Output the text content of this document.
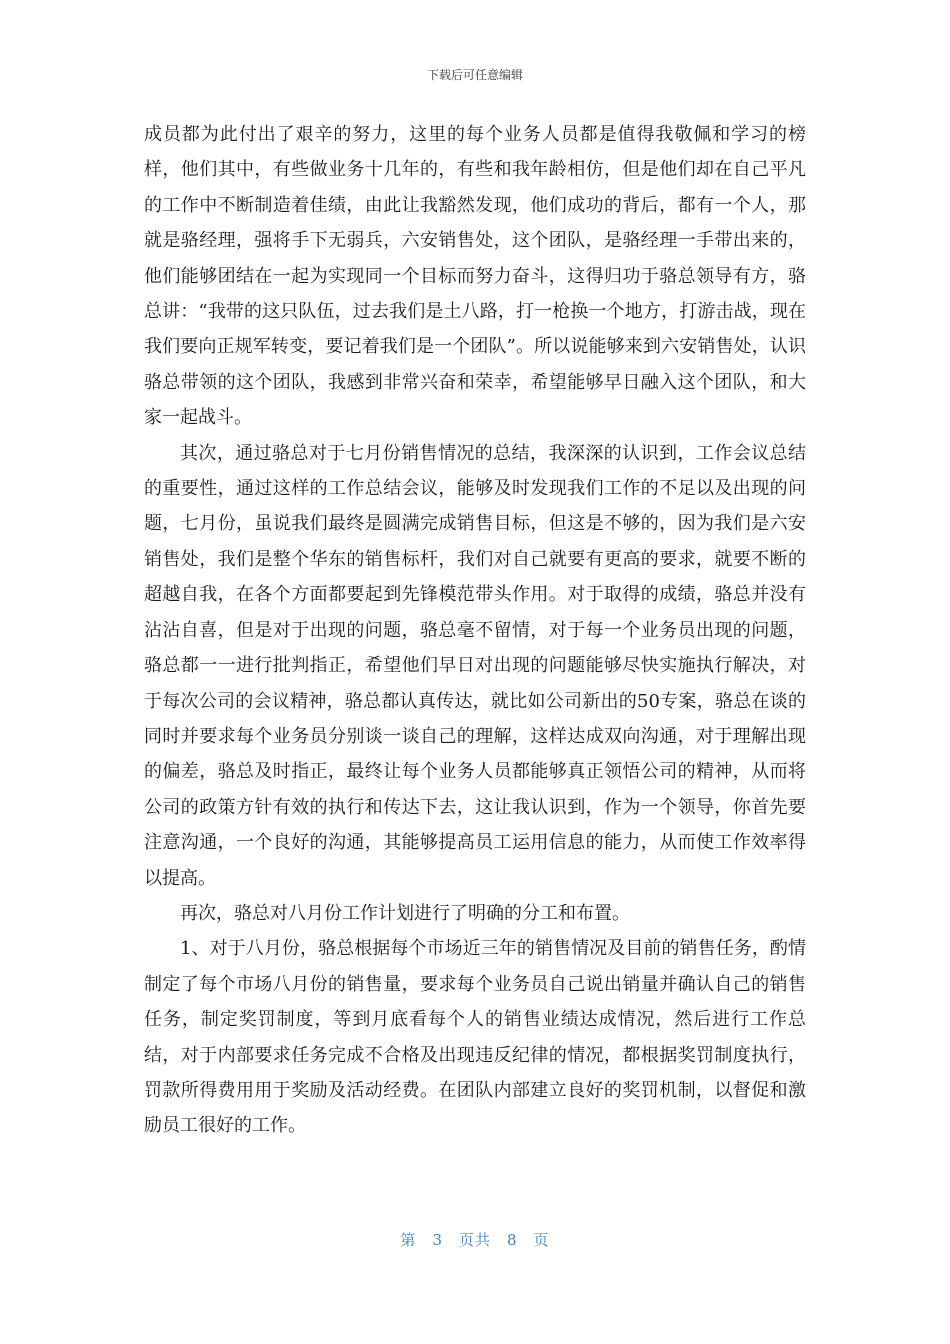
下载后可任意编辑

成员都为此付出了艰辛的努力，这里的每个业务人员都是值得我敬佩和学习的榜样，他们其中，有些做业务十几年的，有些和我年龄相仿，但是他们却在自己平凡的工作中不断制造着佳绩，由此让我豁然发现，他们成功的背后，都有一个人，那就是骆经理，强将手下无弱兵，六安销售处，这个团队，是骆经理一手带出来的，他们能够团结在一起为实现同一个目标而努力奋斗，这得归功于骆总领导有方，骆总讲：“我带的这只队伍，过去我们是土八路，打一枪换一个地方，打游击战，现在我们要向正规军转变，要记着我们是一个团队”。所以说能够来到六安销售处，认识骆总带领的这个团队，我感到非常兴奋和荣幸，希望能够早日融入这个团队，和大家一起战斗。

其次，通过骆总对于七月份销售情况的总结，我深深的认识到，工作会议总结的重要性，通过这样的工作总结会议，能够及时发现我们工作的不足以及出现的问题，七月份，虽说我们最终是圆满完成销售目标，但这是不够的，因为我们是六安销售处，我们是整个华东的销售标杆，我们对自己就要有更高的要求，就要不断的超越自我，在各个方面都要起到先锋模范带头作用。对于取得的成绩，骆总并没有沾沾自喜，但是对于出现的问题，骆总毫不留情，对于每一个业务员出现的问题，骆总都一一进行批判指正，希望他们早日对出现的问题能够尽快实施执行解决，对于每次公司的会议精神，骆总都认真传达，就比如公司新出的50专案，骆总在谈的同时并要求每个业务员分别谈一谈自己的理解，这样达成双向沟通，对于理解出现的偏差，骆总及时指正，最终让每个业务人员都能够真正领悟公司的精神，从而将公司的政策方针有效的执行和传达下去，这让我认识到，作为一个领导，你首先要注意沟通，一个良好的沟通，其能够提高员工运用信息的能力，从而使工作效率得以提高。

再次，骆总对八月份工作计划进行了明确的分工和布置。

1、对于八月份，骆总根据每个市场近三年的销售情况及目前的销售任务，酌情制定了每个市场八月份的销售量，要求每个业务员自己说出销量并确认自己的销售任务，制定奖罚制度，等到月底看每个人的销售业绩达成情况，然后进行工作总结，对于内部要求任务完成不合格及出现违反纪律的情况，都根据奖罚制度执行，罚款所得费用用于奖励及活动经费。在团队内部建立良好的奖罚机制，以督促和激励员工很好的工作。

第 3 页共 8 页
